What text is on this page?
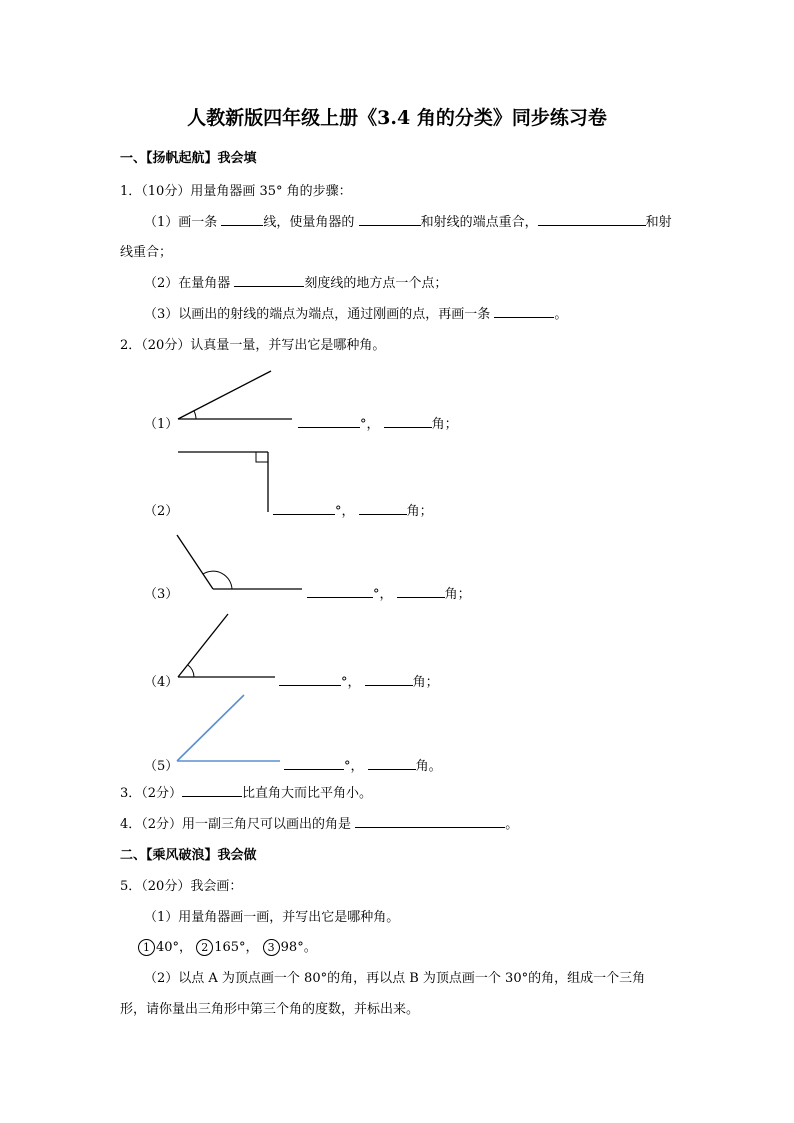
人教新版四年级上册《3.4 角的分类》同步练习卷
一、【扬帆起航】我会填
1．（10分）用量角器画 35° 角的步骤：
（1）画一条	线，使量角器的	和射线的端点重合，	和射
线重合；
（2）在量角器	刻度线的地方点一个点；
（3）以画出的射线的端点为端点，通过刚画的点，再画一条	。
2．（20分）认真量一量，并写出它是哪种角。
（1）	°，	角；
（2）	°，	角；
（3）	°，	角；
（4）	°，	角；
（5）	°，	角。
3．（2分）	比直角大而比平角小。
4．（2分）用一副三角尺可以画出的角是	。
二、【乘风破浪】我会做
5．（20分）我会画：
（1）用量角器画一画，并写出它是哪种角。
1 40°， 2 165°， 3 98°。
（2）以点 A 为顶点画一个 80°的角，再以点 B 为顶点画一个 30°的角，组成一个三角
形，请你量出三角形中第三个角的度数，并标出来。
